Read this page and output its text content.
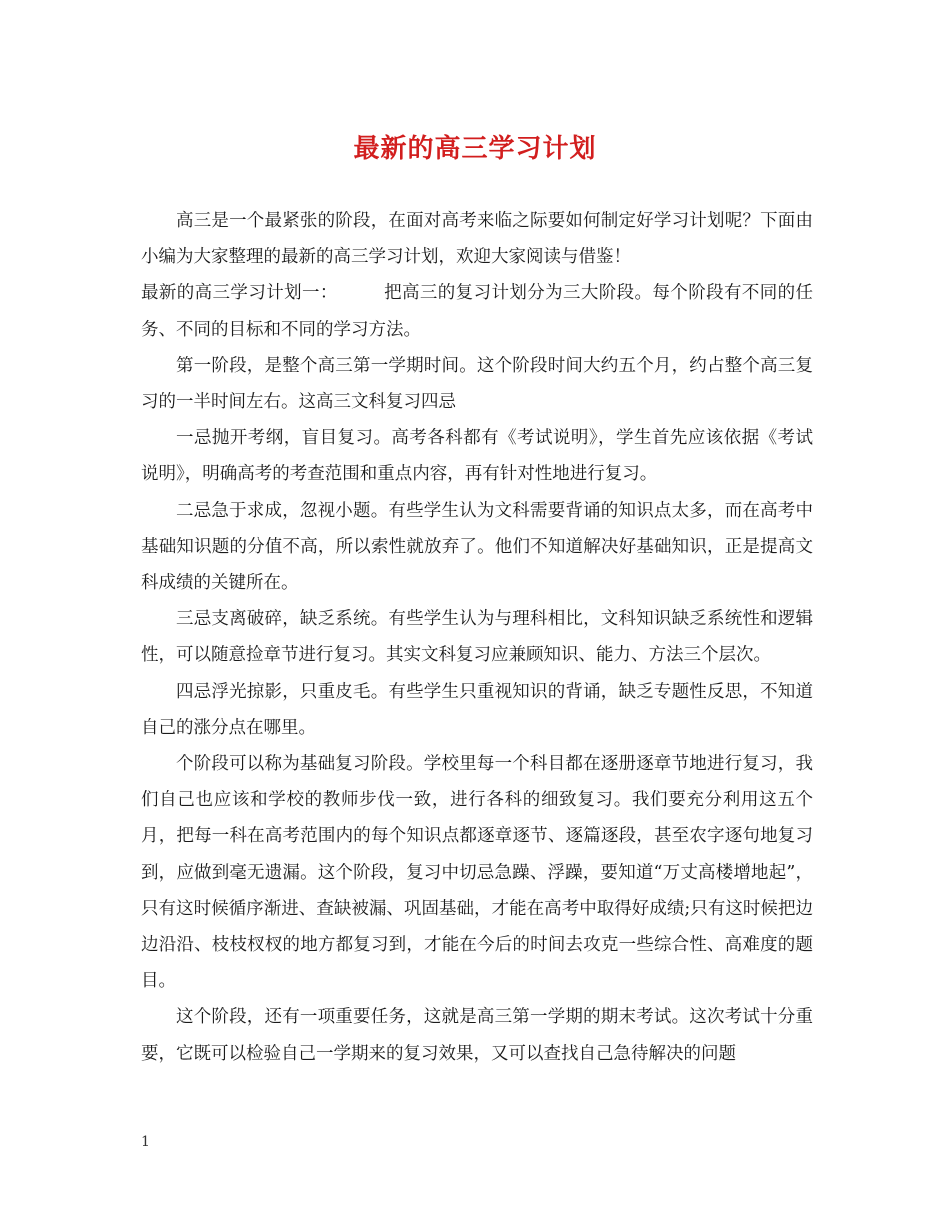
最新的高三学习计划

高三是一个最紧张的阶段，在面对高考来临之际要如何制定好学习计划呢？下面由小编为大家整理的最新的高三学习计划，欢迎大家阅读与借鉴！

最新的高三学习计划一：	把高三的复习计划分为三大阶段。每个阶段有不同的任务、不同的目标和不同的学习方法。

第一阶段，是整个高三第一学期时间。这个阶段时间大约五个月，约占整个高三复习的一半时间左右。这高三文科复习四忌

一忌抛开考纲，盲目复习。高考各科都有《考试说明》，学生首先应该依据《考试说明》，明确高考的考查范围和重点内容，再有针对性地进行复习。

二忌急于求成，忽视小题。有些学生认为文科需要背诵的知识点太多，而在高考中基础知识题的分值不高，所以索性就放弃了。他们不知道解决好基础知识，正是提高文科成绩的关键所在。

三忌支离破碎，缺乏系统。有些学生认为与理科相比，文科知识缺乏系统性和逻辑性，可以随意捡章节进行复习。其实文科复习应兼顾知识、能力、方法三个层次。

四忌浮光掠影，只重皮毛。有些学生只重视知识的背诵，缺乏专题性反思，不知道自己的涨分点在哪里。

个阶段可以称为基础复习阶段。学校里每一个科目都在逐册逐章节地进行复习，我们自己也应该和学校的教师步伐一致，进行各科的细致复习。我们要充分利用这五个月，把每一科在高考范围内的每个知识点都逐章逐节、逐篇逐段，甚至农字逐句地复习到，应做到毫无遗漏。这个阶段，复习中切忌急躁、浮躁，要知道“万丈高楼增地起”，只有这时候循序渐进、查缺被漏、巩固基础，才能在高考中取得好成绩;只有这时候把边边沿沿、枝枝杈杈的地方都复习到，才能在今后的时间去攻克一些综合性、高难度的题目。

这个阶段，还有一项重要任务，这就是高三第一学期的期末考试。这次考试十分重要，它既可以检验自己一学期来的复习效果，又可以查找自己急待解决的问题

1
